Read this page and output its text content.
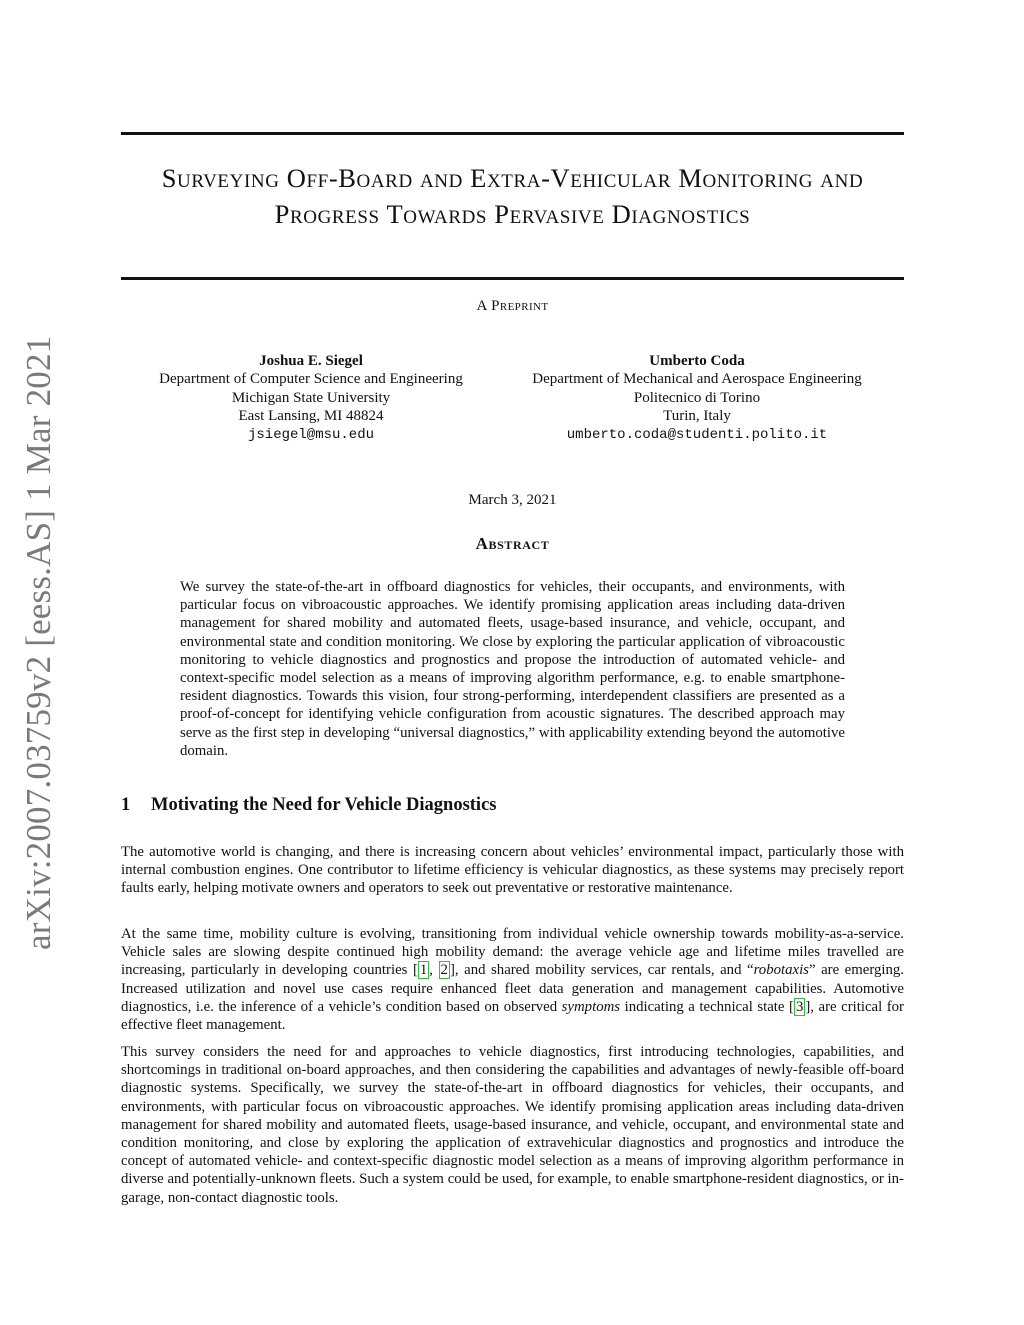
arXiv:2007.03759v2 [eess.AS] 1 Mar 2021
Surveying Off-Board and Extra-Vehicular Monitoring and Progress Towards Pervasive Diagnostics
A Preprint
Joshua E. Siegel
Department of Computer Science and Engineering
Michigan State University
East Lansing, MI 48824
jsiegel@msu.edu
Umberto Coda
Department of Mechanical and Aerospace Engineering
Politecnico di Torino
Turin, Italy
umberto.coda@studenti.polito.it
March 3, 2021
Abstract

We survey the state-of-the-art in offboard diagnostics for vehicles, their occupants, and environments, with particular focus on vibroacoustic approaches. We identify promising application areas including data-driven management for shared mobility and automated fleets, usage-based insurance, and vehicle, occupant, and environmental state and condition monitoring. We close by exploring the particular application of vibroacoustic monitoring to vehicle diagnostics and prognostics and propose the introduction of automated vehicle- and context-specific model selection as a means of improving algorithm performance, e.g. to enable smartphone-resident diagnostics. Towards this vision, four strong-performing, interdependent classifiers are presented as a proof-of-concept for identifying vehicle configuration from acoustic signatures. The described approach may serve as the first step in developing “universal diagnostics,” with applicability extending beyond the automotive domain.

1 Motivating the Need for Vehicle Diagnostics

The automotive world is changing, and there is increasing concern about vehicles’ environmental impact, particularly those with internal combustion engines. One contributor to lifetime efficiency is vehicular diagnostics, as these systems may precisely report faults early, helping motivate owners and operators to seek out preventative or restorative maintenance.

At the same time, mobility culture is evolving, transitioning from individual vehicle ownership towards mobility-as-a-service. Vehicle sales are slowing despite continued high mobility demand: the average vehicle age and lifetime miles travelled are increasing, particularly in developing countries [ 1 , 2 ], and shared mobility services, car rentals, and “robotaxis” are emerging. Increased utilization and novel use cases require enhanced fleet data generation and management capabilities. Automotive diagnostics, i.e. the inference of a vehicle’s condition based on observed symptoms indicating a technical state [ 3 ], are critical for effective fleet management.

This survey considers the need for and approaches to vehicle diagnostics, first introducing technologies, capabilities, and shortcomings in traditional on-board approaches, and then considering the capabilities and advantages of newly-feasible off-board diagnostic systems. Specifically, we survey the state-of-the-art in offboard diagnostics for vehicles, their occupants, and environments, with particular focus on vibroacoustic approaches. We identify promising application areas including data-driven management for shared mobility and automated fleets, usage-based insurance, and vehicle, occupant, and environmental state and condition monitoring, and close by exploring the application of extravehicular diagnostics and prognostics and introduce the concept of automated vehicle- and context-specific diagnostic model selection as a means of improving algorithm performance in diverse and potentially-unknown fleets. Such a system could be used, for example, to enable smartphone-resident diagnostics, or in-garage, non-contact diagnostic tools.
